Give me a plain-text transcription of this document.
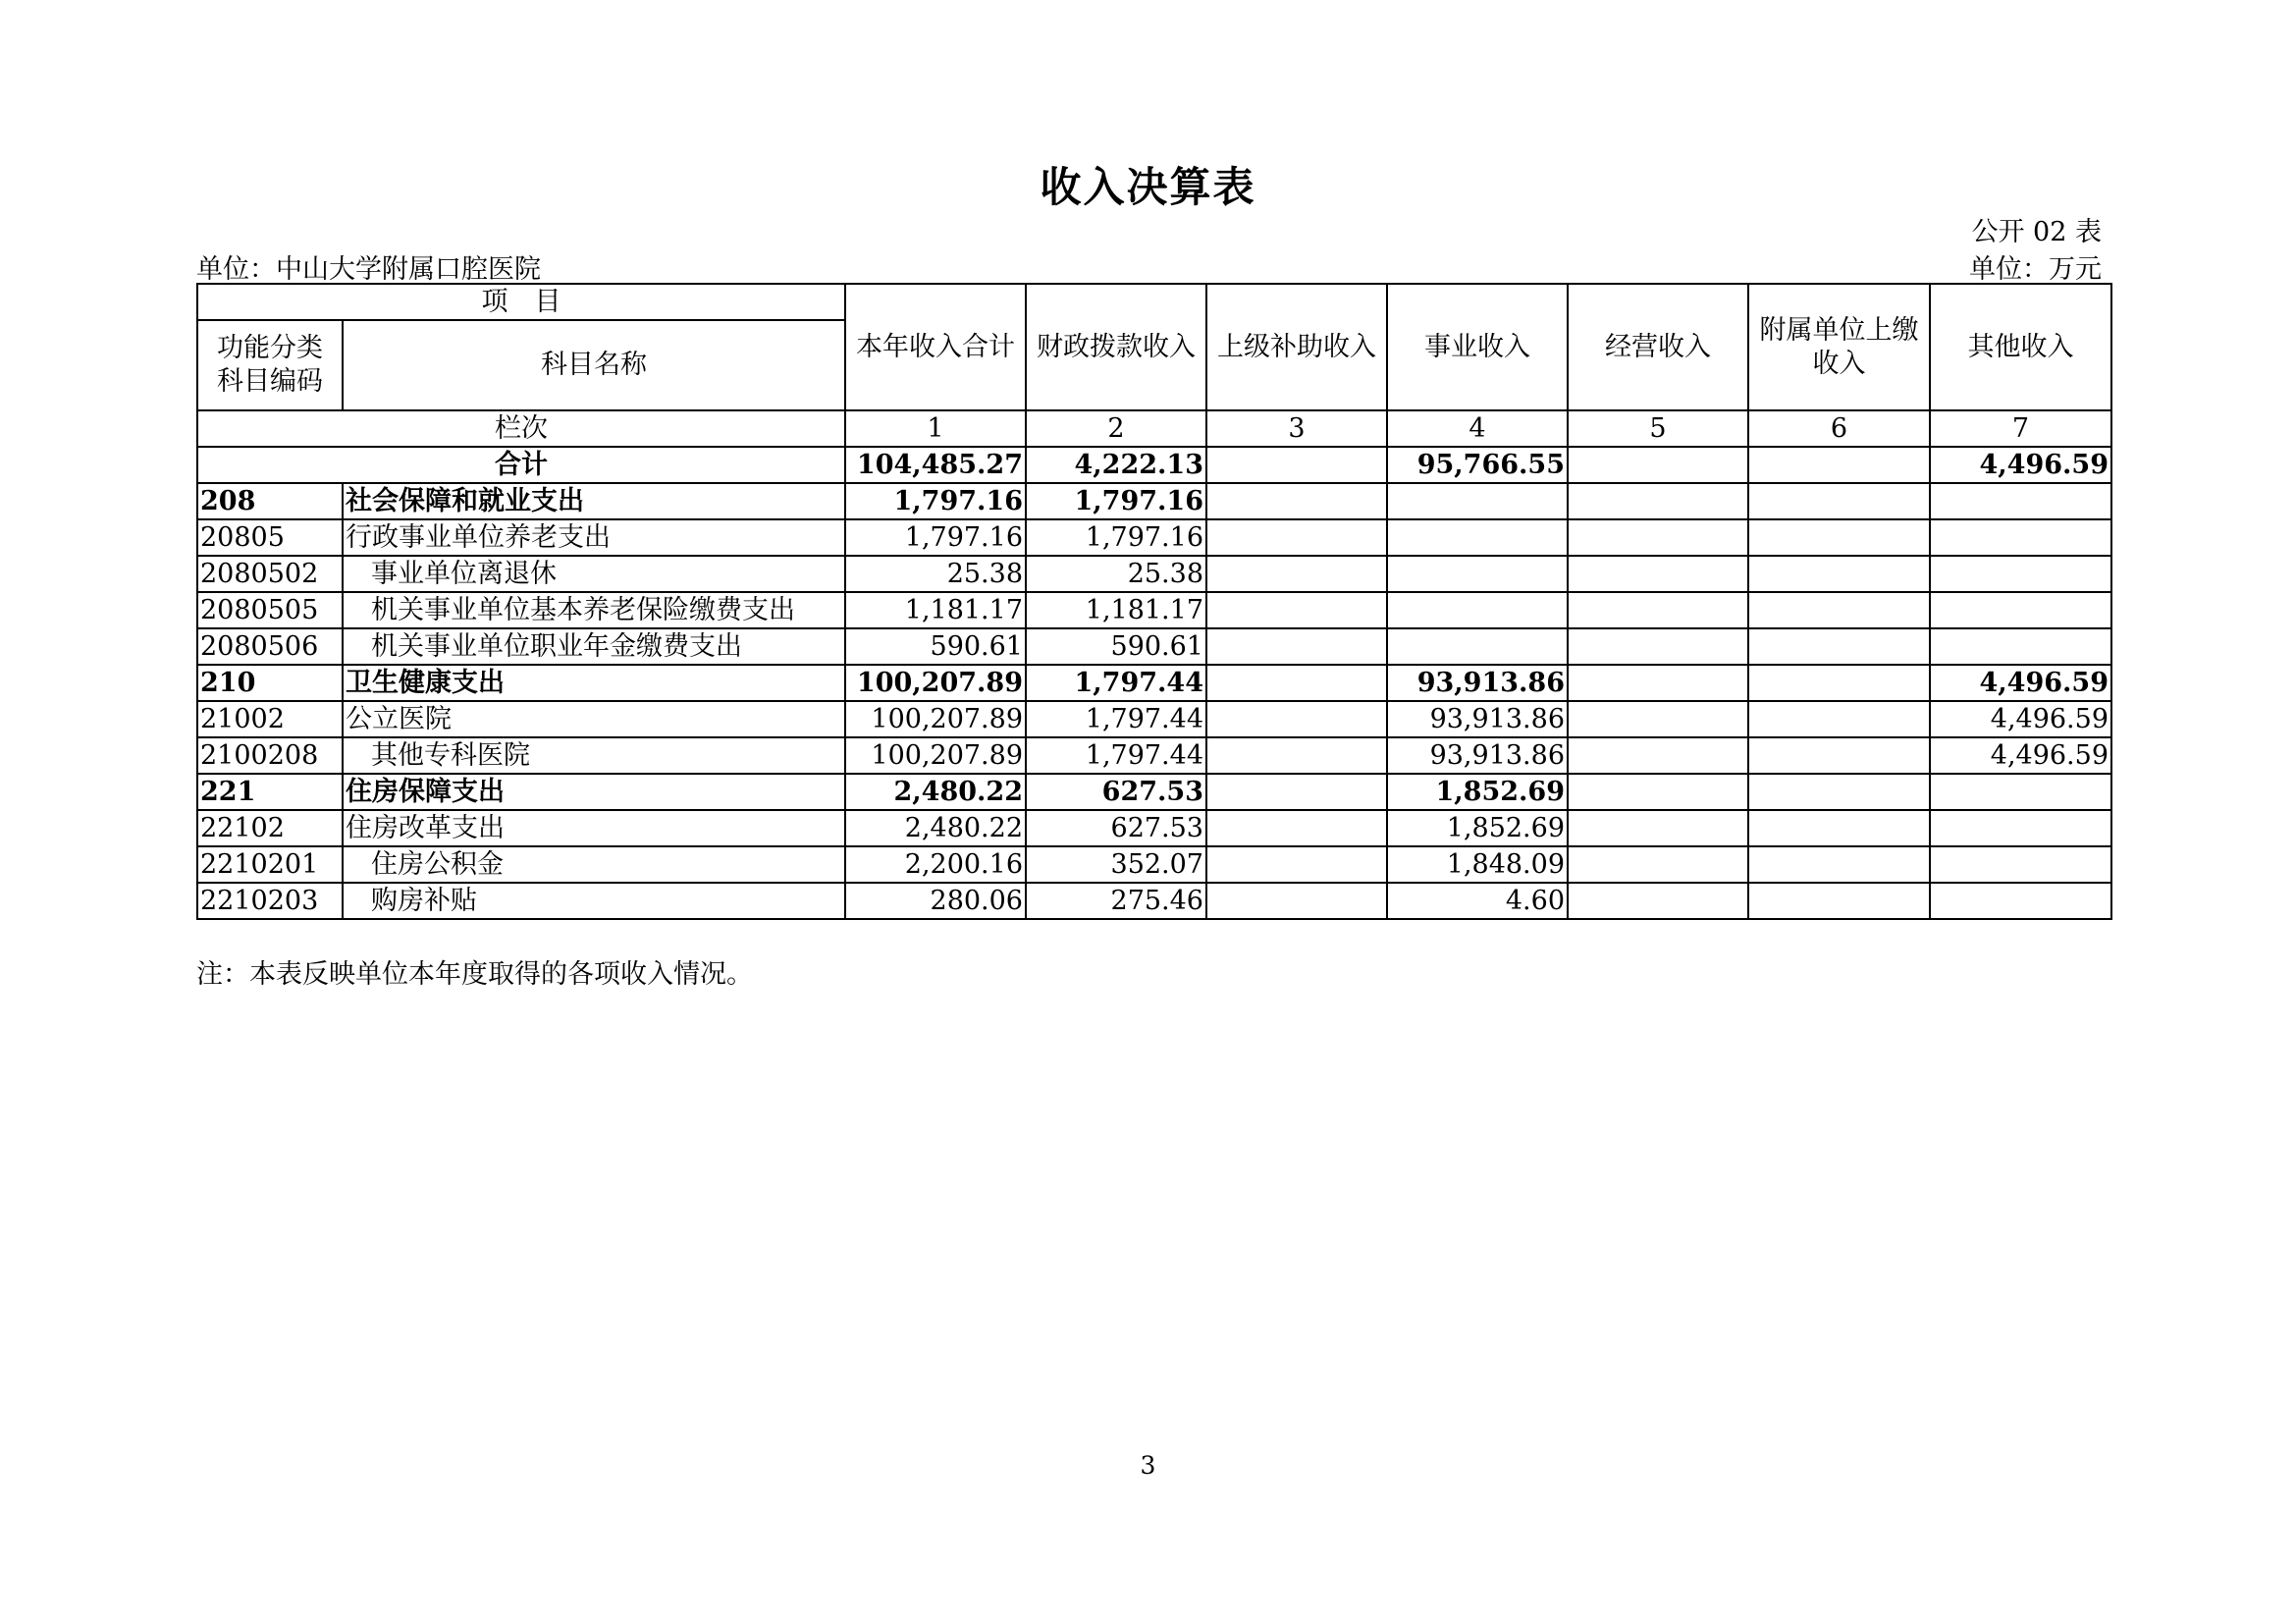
收入决算表
公开 02 表
单位：中山大学附属口腔医院	单位：万元
项　目		本年收入合计	财政拨款收入	上级补助收入	事业收入	经营收入	附属单位上缴收入	其他收入
功能分类科目编码	科目名称							
栏次		1	2	3	4	5	6	7
合计		104,485.27	4,222.13		95,766.55			4,496.59
208	社会保障和就业支出	1,797.16	1,797.16					
20805	行政事业单位养老支出	1,797.16	1,797.16					
2080502	事业单位离退休	25.38	25.38					
2080505	机关事业单位基本养老保险缴费支出	1,181.17	1,181.17					
2080506	机关事业单位职业年金缴费支出	590.61	590.61					
210	卫生健康支出	100,207.89	1,797.44		93,913.86			4,496.59
21002	公立医院	100,207.89	1,797.44		93,913.86			4,496.59
2100208	其他专科医院	100,207.89	1,797.44		93,913.86			4,496.59
221	住房保障支出	2,480.22	627.53		1,852.69			
22102	住房改革支出	2,480.22	627.53		1,852.69			
2210201	住房公积金	2,200.16	352.07		1,848.09			
2210203	购房补贴	280.06	275.46		4.60			
注：本表反映单位本年度取得的各项收入情况。
3
